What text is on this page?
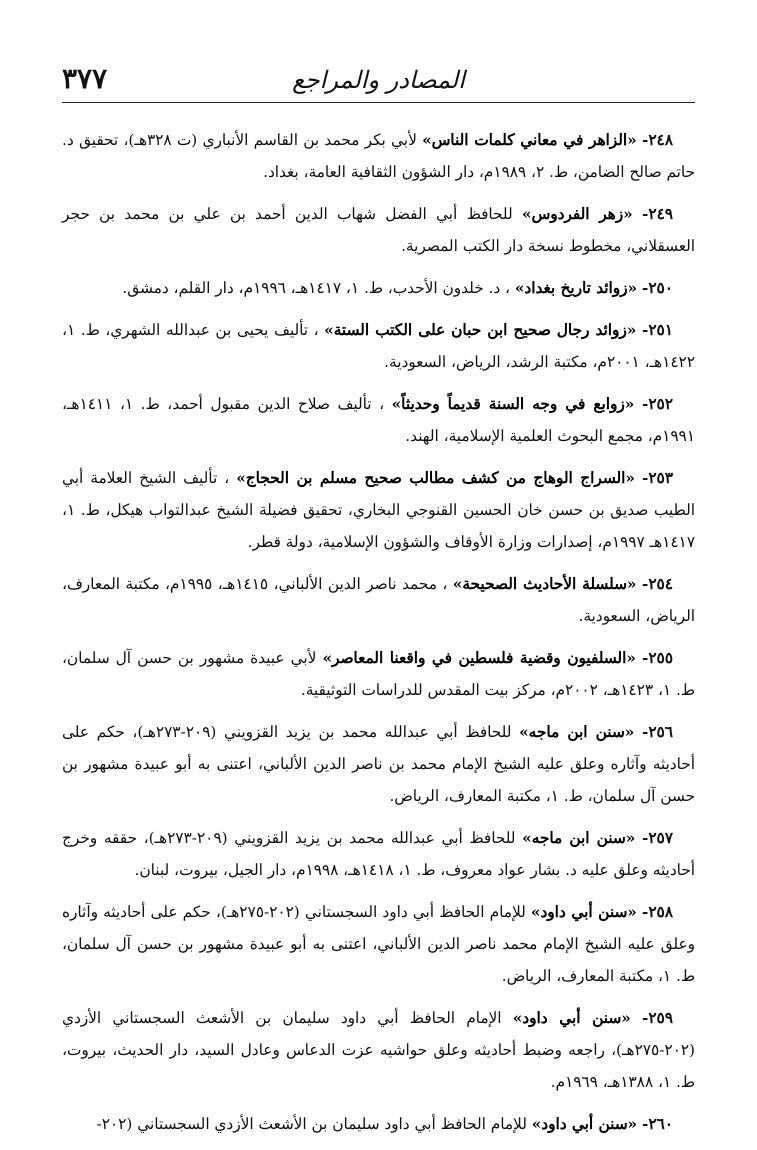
٣٧٧	المصادر والمراجع

٢٤٨- «الزاهر في معاني كلمات الناس» لأبي بكر محمد بن القاسم الأنباري (ت ٣٢٨هـ)، تحقيق د. حاتم صالح الضامن، ط. ٢، ١٩٨٩م، دار الشؤون الثقافية العامة، بغداد.

٢٤٩- «زهر الفردوس» للحافظ أبي الفضل شهاب الدين أحمد بن علي بن محمد بن حجر العسقلاني، مخطوط نسخة دار الكتب المصرية.

٢٥٠- «زوائد تاريخ بغداد» ، د. خلدون الأحدب، ط. ١، ١٤١٧هـ، ١٩٩٦م، دار القلم، دمشق.

٢٥١- «زوائد رجال صحيح ابن حبان على الكتب الستة» ، تأليف يحيى بن عبدالله الشهري، ط. ١، ١٤٢٢هـ، ٢٠٠١م، مكتبة الرشد، الرياض، السعودية.

٢٥٢- «زوابع في وجه السنة قديماً وحديثاً» ، تأليف صلاح الدين مقبول أحمد، ط. ١، ١٤١١هـ، ١٩٩١م، مجمع البحوث العلمية الإسلامية، الهند.

٢٥٣- «السراج الوهاج من كشف مطالب صحيح مسلم بن الحجاج» ، تأليف الشيخ العلامة أبي الطيب صديق بن حسن خان الحسين القنوجي البخاري، تحقيق فضيلة الشيخ عبدالتواب هيكل، ط. ١، ١٤١٧هـ ١٩٩٧م، إصدارات وزارة الأوقاف والشؤون الإسلامية، دولة قطر.

٢٥٤- «سلسلة الأحاديث الصحيحة» ، محمد ناصر الدين الألباني، ١٤١٥هـ، ١٩٩٥م، مكتبة المعارف، الرياض، السعودية.

٢٥٥- «السلفيون وقضية فلسطين في واقعنا المعاصر» لأبي عبيدة مشهور بن حسن آل سلمان، ط. ١، ١٤٢٣هـ، ٢٠٠٢م، مركز بيت المقدس للدراسات التوثيقية.

٢٥٦- «سنن ابن ماجه» للحافظ أبي عبدالله محمد بن يزيد القزويني (٢٠٩-٢٧٣هـ)، حكم على أحاديثه وآثاره وعلق عليه الشيخ الإمام محمد بن ناصر الدين الألباني، اعتنى به أبو عبيدة مشهور بن حسن آل سلمان، ط. ١، مكتبة المعارف، الرياض.

٢٥٧- «سنن ابن ماجه» للحافظ أبي عبدالله محمد بن يزيد القزويني (٢٠٩-٢٧٣هـ)، حققه وخرج أحاديثه وعلق عليه د. بشار عواد معروف، ط. ١، ١٤١٨هـ، ١٩٩٨م، دار الجيل، بيروت، لبنان.

٢٥٨- «سنن أبي داود» للإمام الحافظ أبي داود السجستاني (٢٠٢-٢٧٥هـ)، حكم على أحاديثه وآثاره وعلق عليه الشيخ الإمام محمد ناصر الدين الألباني، اعتنى به أبو عبيدة مشهور بن حسن آل سلمان، ط. ١، مكتبة المعارف، الرياض.

٢٥٩- «سنن أبي داود» الإمام الحافظ أبي داود سليمان بن الأشعث السجستاني الأزدي (٢٠٢-٢٧٥هـ)، راجعه وضبط أحاديثه وعلق حواشيه عزت الدعاس وعادل السيد، دار الحديث، بيروت، ط. ١، ١٣٨٨هـ، ١٩٦٩م.

٢٦٠- «سنن أبي داود» للإمام الحافظ أبي داود سليمان بن الأشعث الأزدي السجستاني (٢٠٢-
